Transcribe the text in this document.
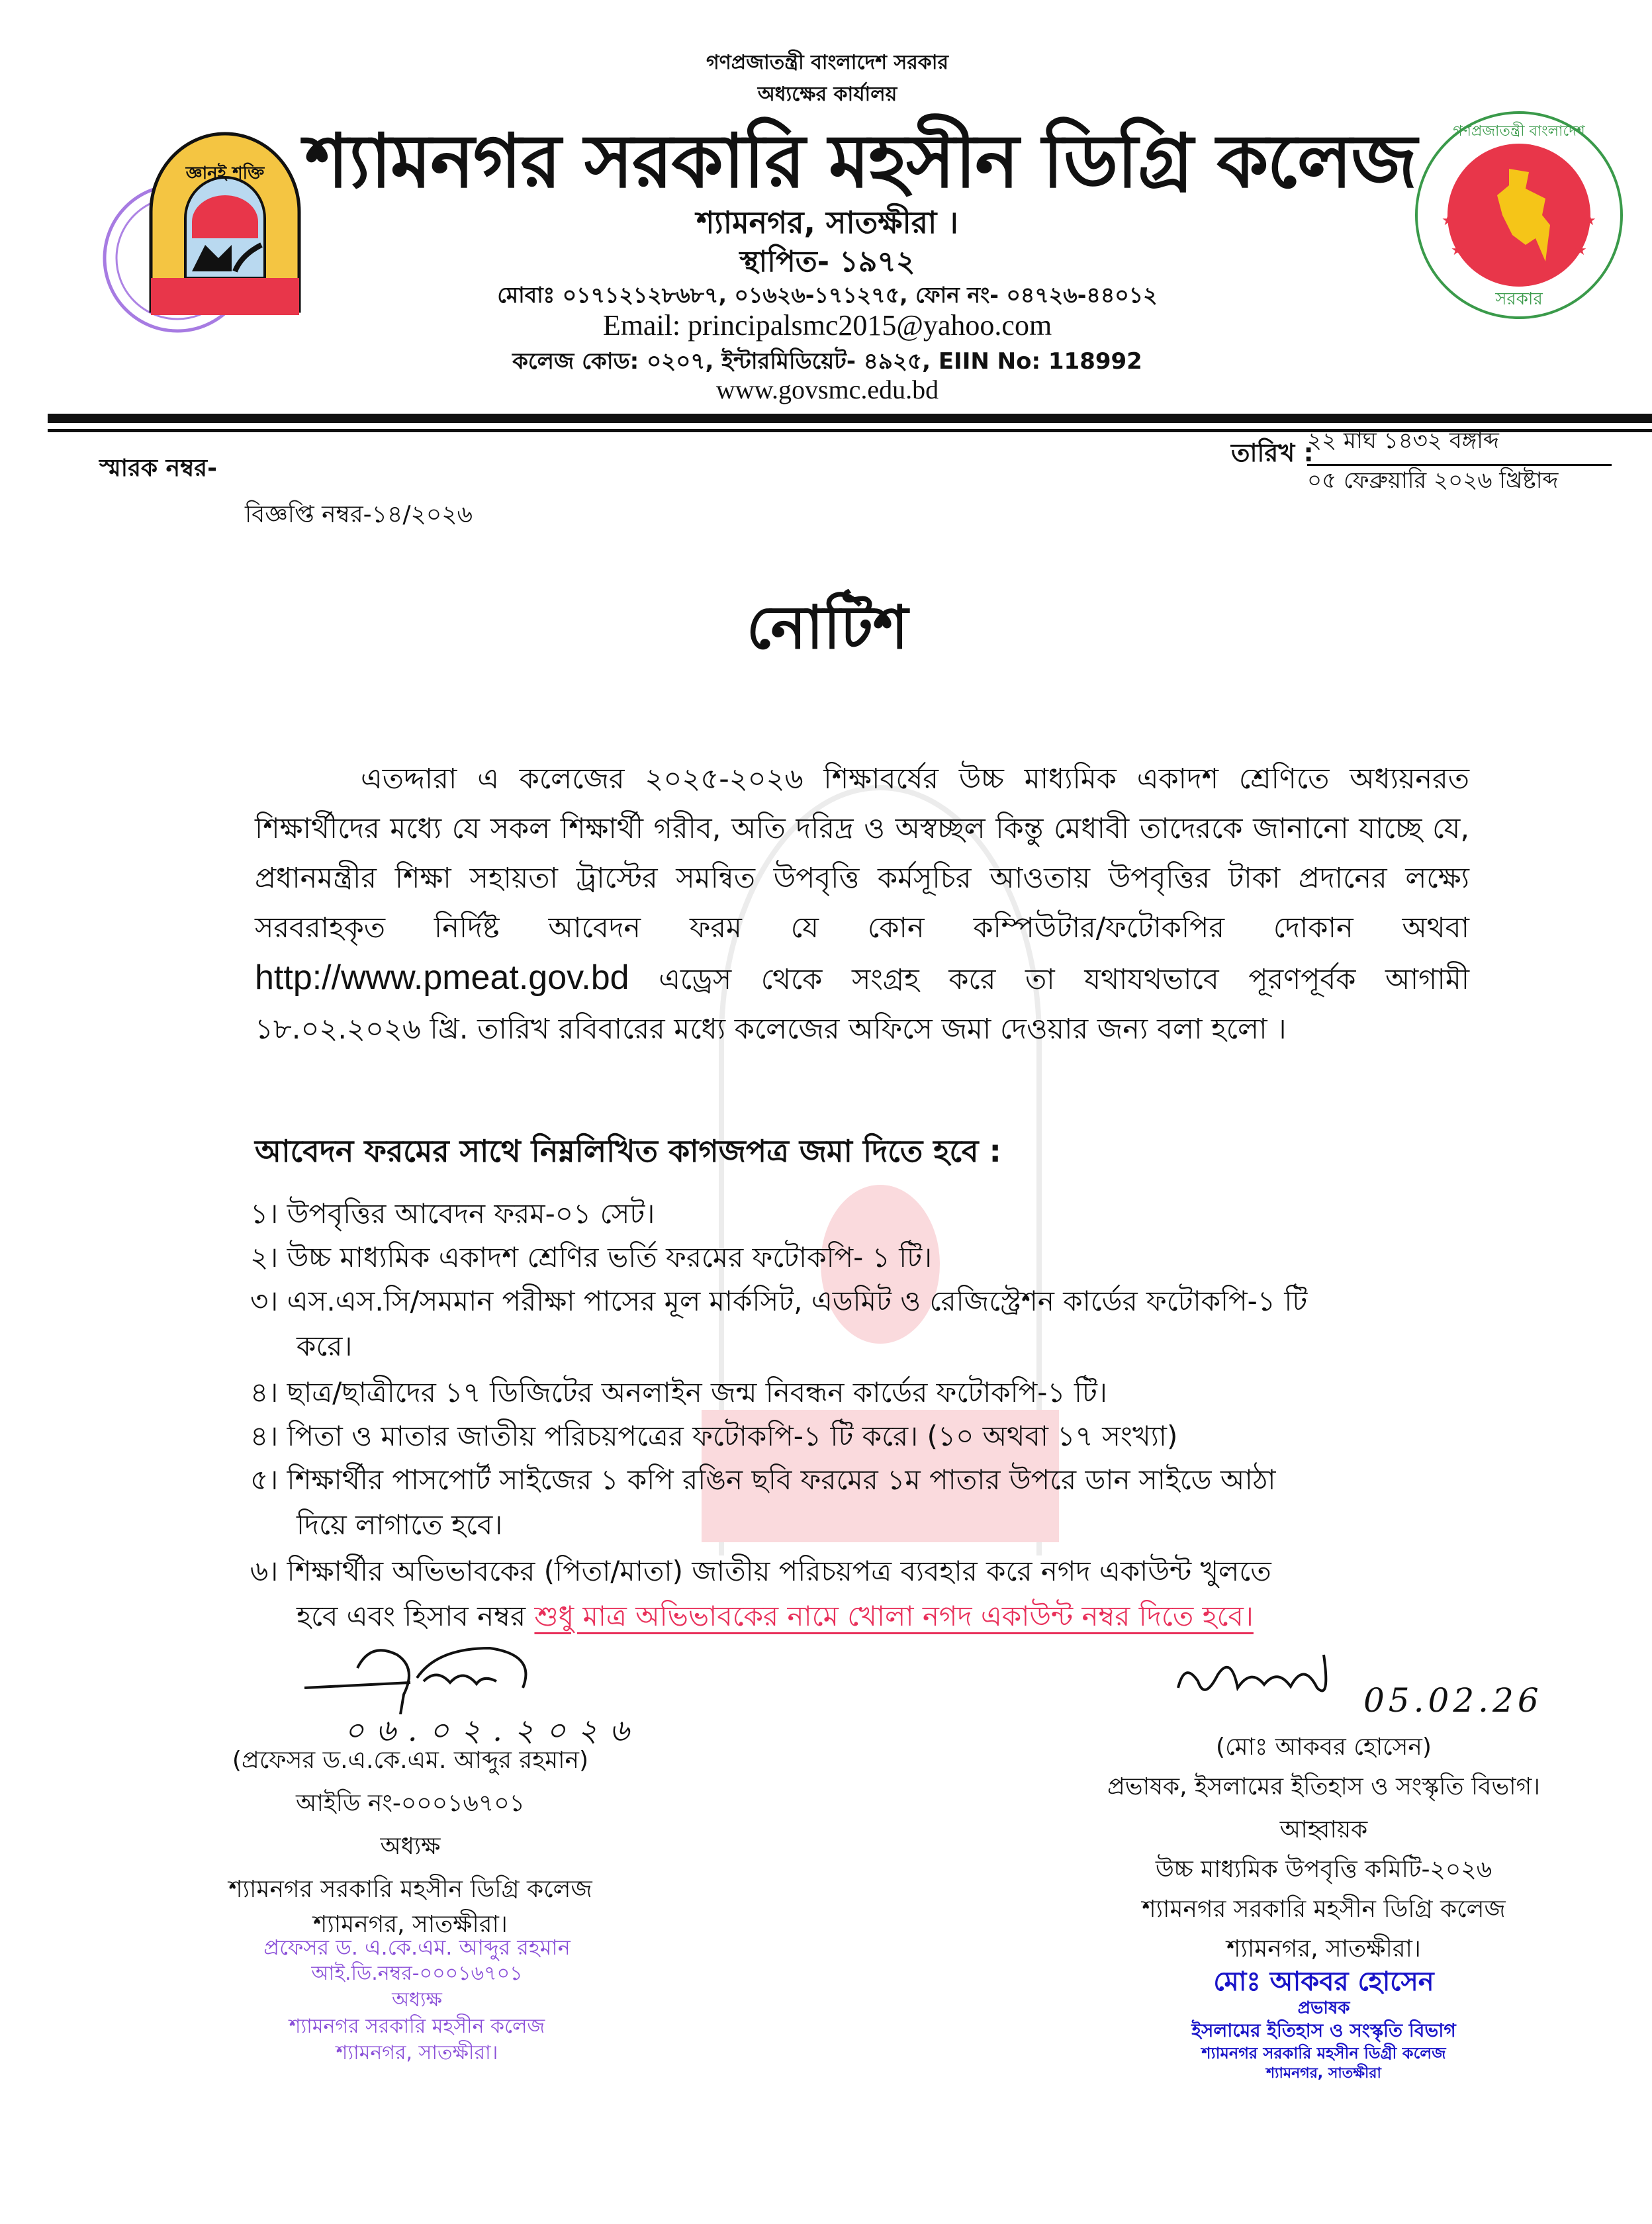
জ্ঞানই শক্তি
গণপ্রজাতন্ত্রী বাংলাদেশ
সরকার
★	★
★	★
গণপ্রজাতন্ত্রী বাংলাদেশ সরকার
অধ্যক্ষের কার্যালয়
শ্যামনগর সরকারি মহসীন ডিগ্রি কলেজ
শ্যামনগর, সাতক্ষীরা ।
স্থাপিত- ১৯৭২
মোবাঃ ০১৭১২১২৮৬৮৭, ০১৬২৬-১৭১২৭৫, ফোন নং- ০৪৭২৬-৪৪০১২
Email: principalsmc2015@yahoo.com
কলেজ কোড: ০২০৭, ইন্টারমিডিয়েট- ৪৯২৫, EIIN No: 118992
www.govsmc.edu.bd
স্মারক নম্বর-
তারিখ :
২২ মাঘ ১৪৩২ বঙ্গাব্দ
০৫ ফেব্রুয়ারি ২০২৬ খ্রিষ্টাব্দ
বিজ্ঞপ্তি নম্বর-১৪/২০২৬
নোটিশ
এতদ্দারা এ কলেজের ২০২৫-২০২৬ শিক্ষাবর্ষের উচ্চ মাধ্যমিক একাদশ শ্রেণিতে অধ্যয়নরত শিক্ষার্থীদের মধ্যে যে সকল শিক্ষার্থী গরীব, অতি দরিদ্র ও অস্বচ্ছল কিন্তু মেধাবী তাদেরকে জানানো যাচ্ছে যে, প্রধানমন্ত্রীর শিক্ষা সহায়তা ট্রাস্টের সমন্বিত উপবৃত্তি কর্মসূচির আওতায় উপবৃত্তির টাকা প্রদানের লক্ষ্যে সরবরাহকৃত নির্দিষ্ট আবেদন ফরম যে কোন কম্পিউটার/ফটোকপির দোকান অথবা http://www.pmeat.gov.bd এড্রেস থেকে সংগ্রহ করে তা যথাযথভাবে পূরণপূর্বক আগামী ১৮.০২.২০২৬ খ্রি. তারিখ রবিবারের মধ্যে কলেজের অফিসে জমা দেওয়ার জন্য বলা হলো ।
আবেদন ফরমের সাথে নিম্নলিখিত কাগজপত্র জমা দিতে হবে :
১। উপবৃত্তির আবেদন ফরম-০১ সেট।
২। উচ্চ মাধ্যমিক একাদশ শ্রেণির ভর্তি ফরমের ফটোকপি- ১ টি।
৩। এস.এস.সি/সমমান পরীক্ষা পাসের মূল মার্কসিট, এডমিট ও রেজিস্ট্রেশন কার্ডের ফটোকপি-১ টি
করে।
৪। ছাত্র/ছাত্রীদের ১৭ ডিজিটের অনলাইন জন্ম নিবন্ধন কার্ডের ফটোকপি-১ টি।
৪। পিতা ও মাতার জাতীয় পরিচয়পত্রের ফটোকপি-১ টি করে। (১০ অথবা ১৭ সংখ্যা)
৫। শিক্ষার্থীর পাসপোর্ট সাইজের ১ কপি রঙিন ছবি ফরমের ১ম পাতার উপরে ডান সাইডে আঠা
দিয়ে লাগাতে হবে।
৬। শিক্ষার্থীর অভিভাবকের (পিতা/মাতা) জাতীয় পরিচয়পত্র ব্যবহার করে নগদ একাউন্ট খুলতে
হবে এবং হিসাব নম্বর শুধু মাত্র অভিভাবকের নামে খোলা নগদ একাউন্ট নম্বর দিতে হবে।
০৬.০২.২০২৬
(প্রফেসর ড.এ.কে.এম. আব্দুর রহমান)
আইডি নং-০০০১৬৭০১
অধ্যক্ষ
শ্যামনগর সরকারি মহসীন ডিগ্রি কলেজ
শ্যামনগর, সাতক্ষীরা।
প্রফেসর ড. এ.কে.এম. আব্দুর রহমান
আই.ডি.নম্বর-০০০১৬৭০১
অধ্যক্ষ
শ্যামনগর সরকারি মহসীন কলেজ
শ্যামনগর, সাতক্ষীরা।
05.02.26
(মোঃ আকবর হোসেন)
প্রভাষক, ইসলামের ইতিহাস ও সংস্কৃতি বিভাগ।
আহ্বায়ক
উচ্চ মাধ্যমিক উপবৃত্তি কমিটি-২০২৬
শ্যামনগর সরকারি মহসীন ডিগ্রি কলেজ
শ্যামনগর, সাতক্ষীরা।
মোঃ আকবর হোসেন
প্রভাষক
ইসলামের ইতিহাস ও সংস্কৃতি বিভাগ
শ্যামনগর সরকারি মহসীন ডিগ্রী কলেজ
শ্যামনগর, সাতক্ষীরা
